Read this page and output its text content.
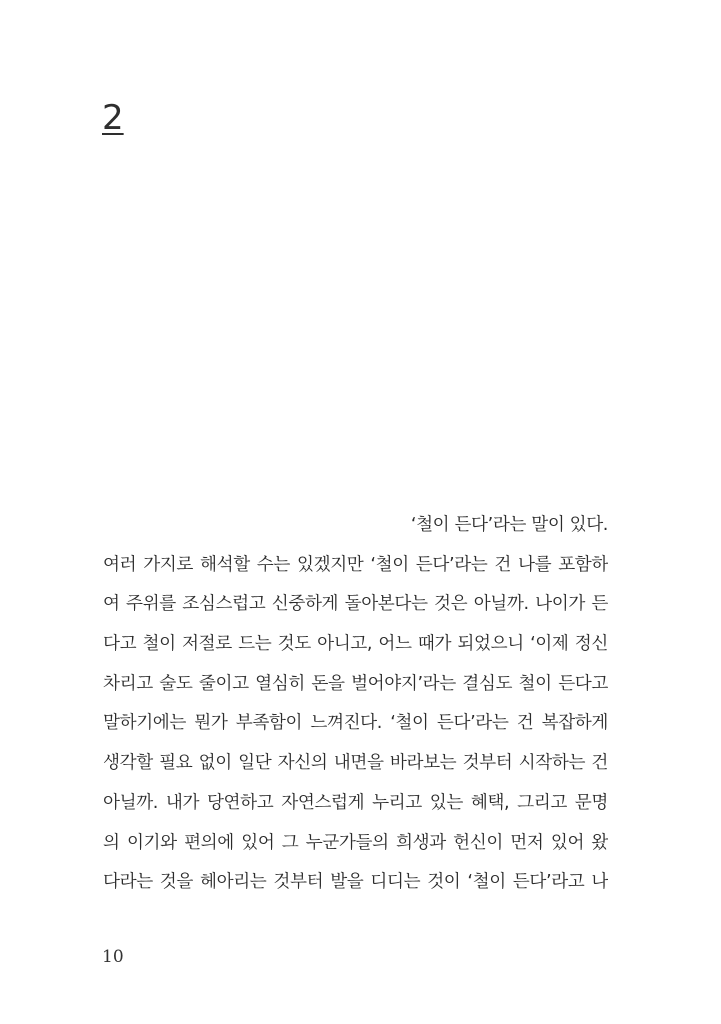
2
‘철이 든다’라는 말이 있다.
여러 가지로 해석할 수는 있겠지만 ‘철이 든다’라는 건 나를 포함하
여 주위를 조심스럽고 신중하게 돌아본다는 것은 아닐까. 나이가 든
다고 철이 저절로 드는 것도 아니고, 어느 때가 되었으니 ‘이제 정신
차리고 술도 줄이고 열심히 돈을 벌어야지’라는 결심도 철이 든다고
말하기에는 뭔가 부족함이 느껴진다. ‘철이 든다’라는 건 복잡하게
생각할 필요 없이 일단 자신의 내면을 바라보는 것부터 시작하는 건
아닐까. 내가 당연하고 자연스럽게 누리고 있는 혜택, 그리고 문명
의 이기와 편의에 있어 그 누군가들의 희생과 헌신이 먼저 있어 왔
다라는 것을 헤아리는 것부터 발을 디디는 것이 ‘철이 든다’라고 나
10
